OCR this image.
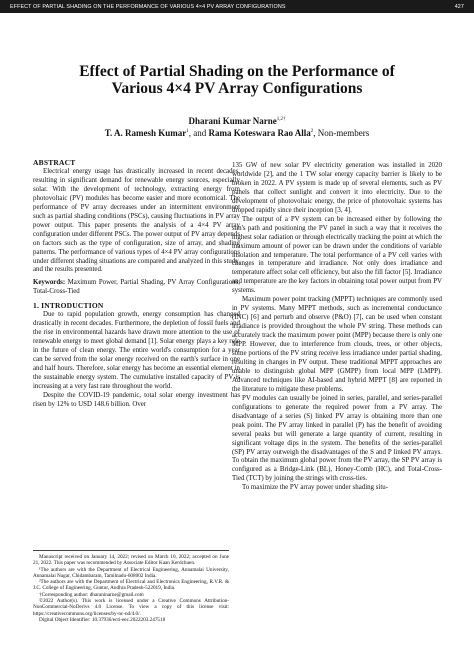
EFFECT OF PARTIAL SHADING ON THE PERFORMANCE OF VARIOUS 4×4 PV ARRAY CONFIGURATIONS	427
Effect of Partial Shading on the Performance of
Various 4×4 PV Array Configurations
Dharani Kumar Narne$^{1,2\dagger}$
T. A. Ramesh Kumar$^1$, and Rama Koteswara Rao Alla$^2$, Non-members
ABSTRACT

Electrical energy usage has drastically increased in recent decades, resulting in significant demand for renewable energy sources, especially solar. With the development of technology, extracting energy from photovoltaic (PV) modules has become easier and more economical. The performance of PV array decreases under an intermittent environment such as partial shading conditions (PSCs), causing fluctuations in PV array power output. This paper presents the analysis of a 4×4 PV array configuration under different PSCs. The power output of PV array depends on factors such as the type of configuration, size of array, and shading patterns. The performance of various types of 4×4 PV array configurations under different shading situations are compared and analyzed in this study, and the results presented.

Keywords: Maximum Power, Partial Shading, PV Array Configurations, Total-Cross-Tied

1. INTRODUCTION

Due to rapid population growth, energy consumption has changed drastically in recent decades. Furthermore, the depletion of fossil fuels and the rise in environmental hazards have drawn more attention to the use of renewable energy to meet global demand [1]. Solar energy plays a key role in the future of clean energy. The entire world's consumption for a year can be served from the solar energy received on the earth's surface in one and half hours. Therefore, solar energy has become an essential element in the sustainable energy system. The cumulative installed capacity of PV is increasing at a very fast rate throughout the world.

Despite the COVID-19 pandemic, total solar energy investment has risen by 12% to USD 148.6 billion. Over

Manuscript received on January 14, 2022; revised on March 10, 2022; accepted on June 21, 2022. This paper was recommended by Associate Editor Kaan Kerdchuen.
¹The authors are with the Department of Electrical Engineering, Annamalai University, Annamalai Nagar, Chidambaram, Tamilnadu-608002 India.
²The authors are with the Department of Electrical and Electronics Engineering, R.V.R. & J.C. College of Engineering, Guntur, Andhra Pradesh-522019, India.
†Corresponding author: dharaninarne@gmail.com
©2022 Author(s). This work is licensed under a Creative Commons Attribution-NonCommercial-NoDerivs 4.0 License. To view a copy of this license visit: https://creativecommons.org/licenses/by-nc-nd/4.0/.
Digital Object Identifier: 10.37936/ecti-eec.2022203.247518

135 GW of new solar PV electricity generation was installed in 2020 worldwide [2], and the 1 TW solar energy capacity barrier is likely to be broken in 2022. A PV system is made up of several elements, such as PV panels that collect sunlight and convert it into electricity. Due to the development of photovoltaic energy, the price of photovoltaic systems has dropped rapidly since their inception [3, 4].

The output of a PV system can be increased either by following the sun's path and positioning the PV panel in such a way that it receives the highest solar radiation or through electrically tracking the point at which the maximum amount of power can be drawn under the conditions of variable insolation and temperature. The total performance of a PV cell varies with changes in temperature and irradiance. Not only does irradiance and temperature affect solar cell efficiency, but also the fill factor [5]. Irradiance and temperature are the key factors in obtaining total power output from PV systems.

Maximum power point tracking (MPPT) techniques are commonly used in PV systems. Many MPPT methods, such as incremental conductance (INC) [6] and perturb and observe (P&O) [7], can be used when constant irradiance is provided throughout the whole PV string. These methods can accurately track the maximum power point (MPP) because there is only one MPP. However, due to interference from clouds, trees, or other objects, some portions of the PV string receive less irradiance under partial shading, resulting in changes in PV output. These traditional MPPT approaches are unable to distinguish global MPP (GMPP) from local MPP (LMPP). Advanced techniques like AI-based and hybrid MPPT [8] are reported in the literature to mitigate these problems.

PV modules can usually be joined in series, parallel, and series-parallel configurations to generate the required power from a PV array. The disadvantage of a series (S) linked PV array is obtaining more than one peak point. The PV array linked in parallel (P) has the benefit of avoiding several peaks but will generate a large quantity of current, resulting in significant voltage dips in the system. The benefits of the series-parallel (SP) PV array outweigh the disadvantages of the S and P linked PV arrays. To obtain the maximum global power from the PV array, the SP PV array is configured as a Bridge-Link (BL), Honey-Comb (HC), and Total-Cross-Tied (TCT) by joining the strings with cross-ties.

To maximize the PV array power under shading situ-
